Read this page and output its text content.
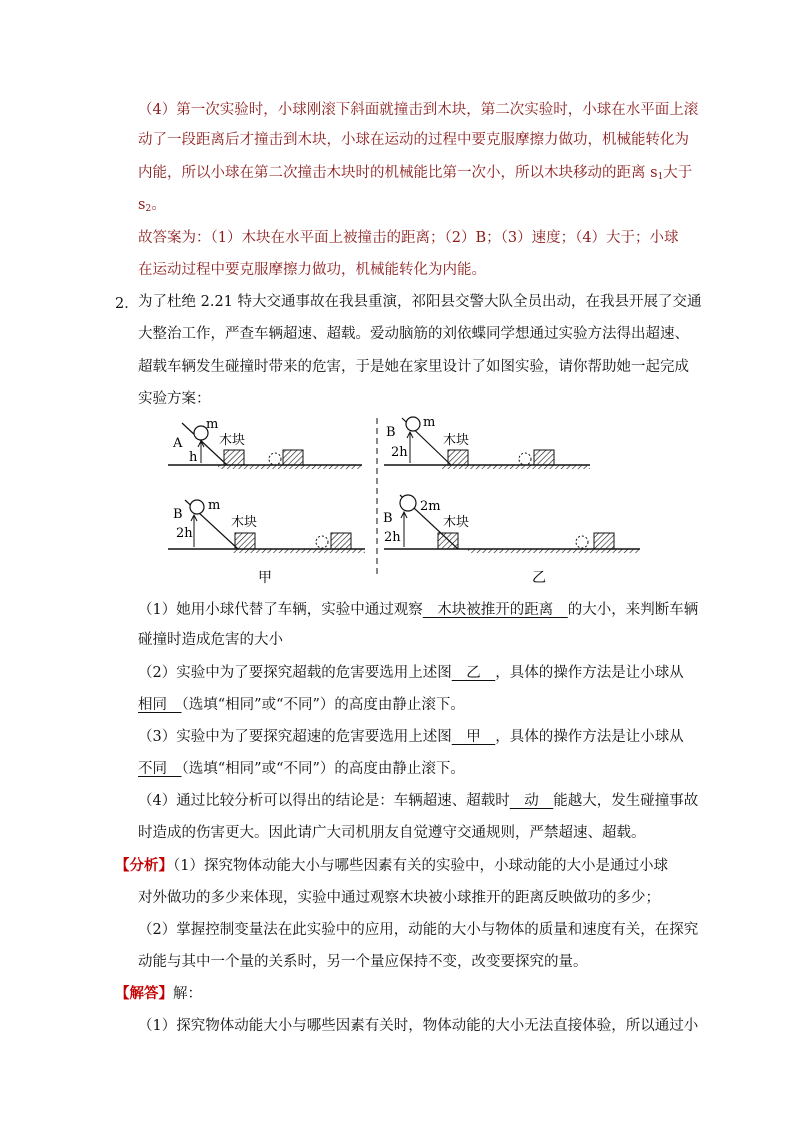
（4）第一次实验时，小球刚滚下斜面就撞击到木块，第二次实验时，小球在水平面上滚
动了一段距离后才撞击到木块，小球在运动的过程中要克服摩擦力做功，机械能转化为
内能，所以小球在第二次撞击木块时的机械能比第一次小，所以木块移动的距离 $s_1$大于
$s_2$。
故答案为：（1）木块在水平面上被撞击的距离；（2）B；（3）速度；（4）大于；小球
在运动过程中要克服摩擦力做功，机械能转化为内能。
2． 为了杜绝 2.21 特大交通事故在我县重演，祁阳县交警大队全员出动，在我县开展了交通
大整治工作，严查车辆超速、超载。爱动脑筋的刘依蝶同学想通过实验方法得出超速、
超载车辆发生碰撞时带来的危害，于是她在家里设计了如图实验，请你帮助她一起完成
实验方案：
A
m
h
木块
B
m
2h
木块
B
m
2h
木块	B
2m
2h
木块
甲	乙
（1）她用小球代替了车辆，实验中通过观察　木块被推开的距离　的大小，来判断车辆
碰撞时造成危害的大小
（2）实验中为了要探究超载的危害要选用上述图　乙　，具体的操作方法是让小球从
相同　（选填“相同”或“不同”）的高度由静止滚下。
（3）实验中为了要探究超速的危害要选用上述图　甲　，具体的操作方法是让小球从
不同　（选填“相同”或“不同”）的高度由静止滚下。
（4）通过比较分析可以得出的结论是：车辆超速、超载时　动　能越大，发生碰撞事故
时造成的伤害更大。因此请广大司机朋友自觉遵守交通规则，严禁超速、超载。
【分析】（1）探究物体动能大小与哪些因素有关的实验中，小球动能的大小是通过小球
对外做功的多少来体现，实验中通过观察木块被小球推开的距离反映做功的多少；
（2）掌握控制变量法在此实验中的应用，动能的大小与物体的质量和速度有关，在探究
动能与其中一个量的关系时，另一个量应保持不变，改变要探究的量。
【解答】解：
（1）探究物体动能大小与哪些因素有关时，物体动能的大小无法直接体验，所以通过小
